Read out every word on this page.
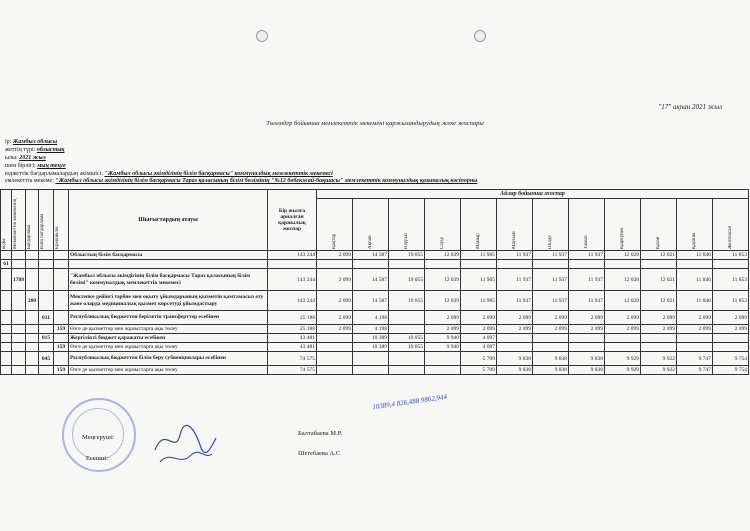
"17" ақпан 2021 жыл
Төлемдер бойынша мемлекеттік мекемені қаржыландырудың жеке жоспары
ір: Жамбыл облысы
жеттің түрі: облыстық
ылы: 2021 жыл
шем бірлігі: мың теңге
юджеттік бағдарламалардың әкімшісі: "Жамбыл облысы әкімдігінің білім басқармасы" коммуналдық мемлекеттік мекемесі
емлекеттік мекеме: "Жамбыл облысы әкімдігінің білім басқармасы Тараз қаласының білім бөлімінің "№12 бөбекжай-бақшасы" мемлекеттік коммуналдық қазыналық кәсіпорны
коды	Мемлекеттік мекеменің	Бағдарлама	Кіші бағдарлама	Ерекшелік	Шығыстардың атауы	Бір жылға арналған қаржылық жоспар	Айлар бойынша жоспар											

							Қаңтар	Ақпан	Наурыз	Сәуір	Мамыр	Маусым	Шілде	Тамыз	Қыркүйек	Қазан	Қараша	Желтоқсан

					Облыстың білім басқармасы	143 244	2 099	14 587	19 055	12 039	11 905	11 937	11 937	11 937	12 028	12 021	11 846	11 853
61																		
	1788				"Жамбыл облысы әкімдігінің білім басқармасы Тараз қаласының білім бөлімі" коммуналдық мемлекеттік мекемесі	143 244	2 099	14 587	19 055	12 039	11 905	11 937	11 937	11 937	12 028	12 021	11 846	11 853
		200			Мектепке дейінгі тәрбие мен оқыту ұйымдарының қызметін қамтамасыз ету және оларда медициналық қызмет көрсетуді ұйымдастыру	143 244	2 099	14 587	19 055	12 039	11 905	11 937	11 937	11 937	12 028	12 021	11 846	11 853
			011		Республикалық бюджеттен берілетін трансферттер есебінен	25 188	2 099	4 198		2 099	2 099	2 099	2 099	2 099	2 099	2 099	2 099	2 099
				159	Өзге де қызметтер мен жұмыстарға ақы төлеу	25 188	2 099	4 198		2 099	2 099	2 099	2 099	2 099	2 099	2 099	2 099	2 099
			015		Жергілікті бюджет қаражаты есебінен	43 481		10 389	19 055	9 940	4 097							
				159	Өзге де қызметтер мен жұмыстарға ақы төлеу	43 481		10 389	19 055	9 940	4 097							
			045		Республикалық бюджеттен білім беру субвенциялары есебінен	74 575					5 709	9 838	9 838	9 838	9 929	9 922	9 747	9 754
				159	Өзге де қызметтер мен жұмыстарға ақы төлеу	74 575					5 709	9 838	9 838	9 838	9 929	9 922	9 747	9 754
Меңгеруші:
Балтабаева М.Р.
Есепші:
Шегебаева А.С.
10389,4 826,488 9862,944
